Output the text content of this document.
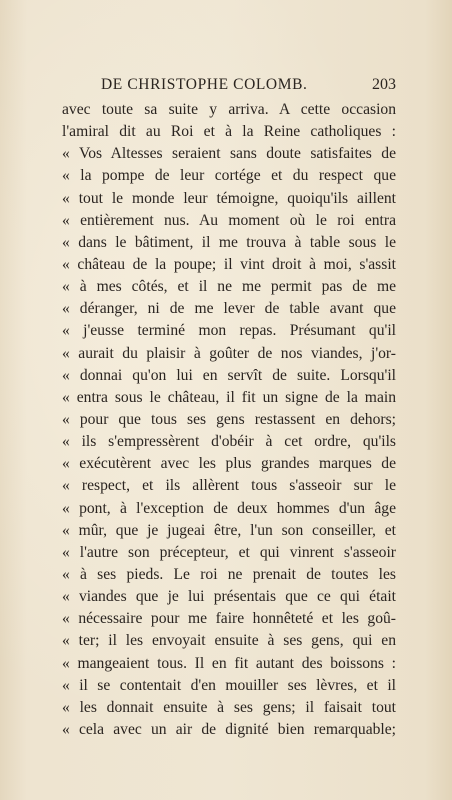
DE CHRISTOPHE COLOMB.	203
avec toute sa suite y arriva. A cette occasion
l'amiral dit au Roi et à la Reine catholiques :
« Vos Altesses seraient sans doute satisfaites de
« la pompe de leur cortége et du respect que
« tout le monde leur témoigne, quoiqu'ils aillent
« entièrement nus. Au moment où le roi entra
« dans le bâtiment, il me trouva à table sous le
« château de la poupe; il vint droit à moi, s'assit
« à mes côtés, et il ne me permit pas de me
« déranger, ni de me lever de table avant que
« j'eusse terminé mon repas. Présumant qu'il
« aurait du plaisir à goûter de nos viandes, j'or-
« donnai qu'on lui en servît de suite. Lorsqu'il
« entra sous le château, il fit un signe de la main
« pour que tous ses gens restassent en dehors;
« ils s'empressèrent d'obéir à cet ordre, qu'ils
« exécutèrent avec les plus grandes marques de
« respect, et ils allèrent tous s'asseoir sur le
« pont, à l'exception de deux hommes d'un âge
« mûr, que je jugeai être, l'un son conseiller, et
« l'autre son précepteur, et qui vinrent s'asseoir
« à ses pieds. Le roi ne prenait de toutes les
« viandes que je lui présentais que ce qui était
« nécessaire pour me faire honnêteté et les goû-
« ter; il les envoyait ensuite à ses gens, qui en
« mangeaient tous. Il en fit autant des boissons :
« il se contentait d'en mouiller ses lèvres, et il
« les donnait ensuite à ses gens; il faisait tout
« cela avec un air de dignité bien remarquable;
